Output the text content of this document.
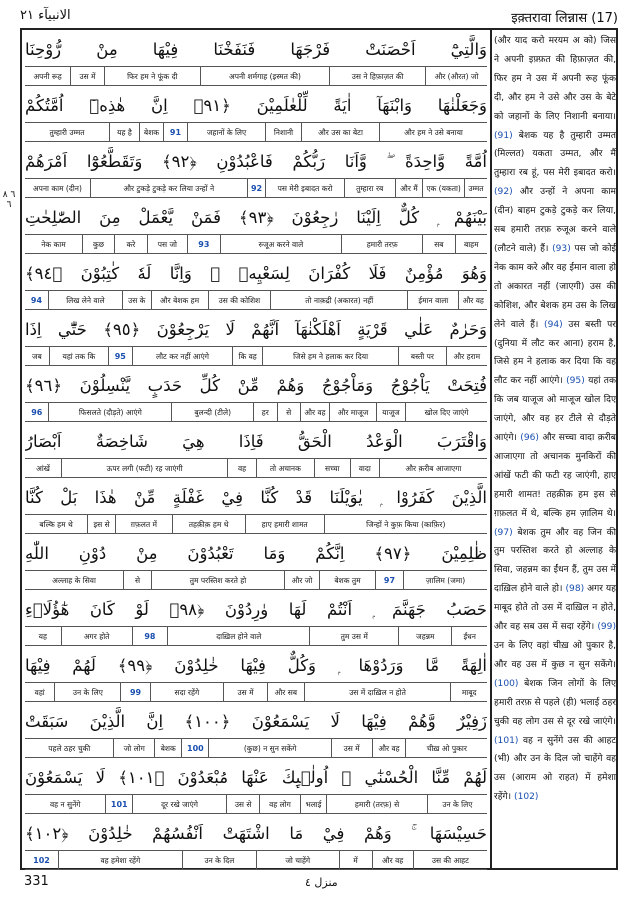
الانبيآء ٢١	इक़्तरावा लिन्नास (17)
٦ ٨ ٦
وَالَّتِيْٓ اَحْصَنَتْ فَرْجَهَا فَنَفَخْنَا فِيْهَا مِنْ رُّوْحِنَا
और (औरत) जो
उस ने हिफ़ाज़त की
अपनी शर्मगाह (इस्मत की)
फिर हम ने फूंक दी
उस में
अपनी रूह
وَجَعَلْنٰهَا وَابْنَهَآ اٰيَةً لِّلْعٰلَمِيْنَ ﴿٩١﴾ اِنَّ هٰذِهٖٓ اُمَّتُكُمْ
और हम ने उसे बनाया
और उस का बेटा
निशानी
जहानों के लिए
91
बेशक
यह है
तुम्हारी उम्मत
اُمَّةً وَّاحِدَةً ۖ وَّاَنَا رَبُّكُمْ فَاعْبُدُوْنِ ﴿٩٢﴾ وَتَقَطَّعُوْٓا اَمْرَهُمْ
उम्मत
एक (यकता)
और मैं
तुम्हारा रब
पस मेरी इबादत करो
92
और टुकड़े टुकड़े कर लिया उन्हों ने
अपना काम (दीन)
بَيْنَهُمْ ۭ كُلٌّ اِلَيْنَا رٰجِعُوْنَ ﴿٩٣﴾ فَمَنْ يَّعْمَلْ مِنَ الصّٰلِحٰتِ
बाहम
सब
हमारी तरफ़
रुजूअ करने वाले
93
पस जो
करे
कुछ
नेक काम
وَهُوَ مُؤْمِنٌ فَلَا كُفْرَانَ لِسَعْيِهٖ ۚ وَاِنَّا لَهٗ كٰتِبُوْنَ ﴿٩٤﴾
और वह
ईमान वाला
तो नाक़द्री (अकारत) नहीं
उस की कोशिश
और बेशक हम
उस के
लिख लेने वाले
94
وَحَرٰمٌ عَلٰي قَرْيَةٍ اَهْلَكْنٰهَآ اَنَّهُمْ لَا يَرْجِعُوْنَ ﴿٩٥﴾ حَتّٰٓي اِذَا
और हराम
बस्ती पर
जिसे हम ने हलाक कर दिया
कि वह
लौट कर नहीं आएंगे
95
यहां तक कि
जब
فُتِحَتْ يَاْجُوْجُ وَمَاْجُوْجُ وَهُمْ مِّنْ كُلِّ حَدَبٍ يَّنْسِلُوْنَ ﴿٩٦﴾
खोल दिए जाएंगे
याजूज
और माजूज
और वह
से
हर
बुलन्दी (टीले)
फिसलते (दौड़ते) आएंगे
96
وَاقْتَرَبَ الْوَعْدُ الْحَقُّ فَاِذَا هِيَ شَاخِصَةٌ اَبْصَارُ
और क़रीब आजाएगा
वादा
सच्चा
तो अचानक
वह
ऊपर लगी (फटी) रह जाएंगी
आंखें
الَّذِيْنَ كَفَرُوْا ۭ يٰوَيْلَنَا قَدْ كُنَّا فِيْ غَفْلَةٍ مِّنْ هٰذَا بَلْ كُنَّا
जिन्हों ने कुफ़ किया (काफ़िर)
हाए हमारी शामत
तहक़ीक़ हम थे
ग़फ़लत में
इस से
बल्कि हम थे
ظٰلِمِيْنَ ﴿٩٧﴾ اِنَّكُمْ وَمَا تَعْبُدُوْنَ مِنْ دُوْنِ اللّٰهِ
ज़ालिम (जमा)
97
बेशक तुम
और जो
तुम परस्तिश करते हो
से
अल्लाह के सिवा
حَصَبُ جَهَنَّمَ ۭ اَنْتُمْ لَهَا وٰرِدُوْنَ ﴿٩٨﴾ لَوْ كَانَ هٰٓؤُلَاۗءِ
ईंधन
जहन्नम
तुम उस में
दाख़िल होने वाले
98
अगर होते
यह
اٰلِهَةً مَّا وَرَدُوْهَا ۭ وَكُلٌّ فِيْهَا خٰلِدُوْنَ ﴿٩٩﴾ لَهُمْ فِيْهَا
माबूद
उस में दाख़िल न होते
और सब
उस में
सदा रहेंगे
99
उन के लिए
वहां
زَفِيْرٌ وَّهُمْ فِيْهَا لَا يَسْمَعُوْنَ ﴿١٠٠﴾ اِنَّ الَّذِيْنَ سَبَقَتْ
चीख़ ओ पुकार
और वह
उस में
(कुछ) न सुन सकेंगे
100
बेशक
जो लोग
पहले ठहर चुकी
لَهُمْ مِّنَّا الْحُسْنٰٓي ۙ اُولٰۗىِٕكَ عَنْهَا مُبْعَدُوْنَ ﴿١٠١﴾ لَا يَسْمَعُوْنَ
उन के लिए
हमारी (तरफ़) से
भलाई
वह लोग
उस से
दूर रखे जाएंगे
101
वह न सुनेंगे
حَسِيْسَهَا ۚ وَهُمْ فِيْ مَا اشْتَهَتْ اَنْفُسُهُمْ خٰلِدُوْنَ ﴿١٠٢﴾
उस की आहट
और वह
में
जो चाहेंगे
उन के दिल
वह हमेशा रहेंगे
102
(और याद करो मरयम अ को) जिस ने अपनी इफ़्फ़त की हिफ़ाज़त की, फिर हम ने उस में अपनी रूह फूंक दी, और हम ने उसे और उस के बेटे को जहानों के लिए निशानी बनाया। (91) बेशक यह है तुम्हारी उम्मत (मिल्लत) यकता उम्मत, और मैं तुम्हारा रब हूं, पस मेरी इबादत करो। (92) और उन्हों ने अपना काम (दीन) बाहम टुकड़े टुकड़े कर लिया, सब हमारी तरफ़ रुजूअ करने वाले (लौटने वाले) हैं। (93) पस जो कोई नेक काम करे और वह ईमान वाला हो तो अकारत नहीं (जाएगी) उस की कोशिश, और बेशक हम उस के लिख लेने वाले हैं। (94) उस बस्ती पर (दुनिया में लौट कर आना) हराम है, जिसे हम ने हलाक कर दिया कि वह लौट कर नहीं आएंगे। (95) यहां तक कि जब याजूज ओ माजूज खोल दिए जाएंगे, और वह हर टीले से दौड़ते आएंगे। (96) और सच्चा वादा क़रीब आजाएगा तो अचानक मुनकिरों की आंखें फटी की फटी रह जाएंगी, हाए हमारी शामत! तहक़ीक़ हम इस से ग़फ़लत में थे, बल्कि हम ज़ालिम थे। (97) बेशक तुम और वह जिन की तुम परस्तिश करते हो अल्लाह के सिवा, जहन्नम का ईंधन हैं, तुम उस में दाख़िल होने वाले हो। (98) अगर यह माबूद होते तो उस में दाख़िल न होते, और वह सब उस में सदा रहेंगे। (99) उन के लिए वहां चीख़ ओ पुकार है, और वह उस में कुछ न सुन सकेंगे। (100) बेशक जिन लोगों के लिए हमारी तरफ़ से पहले (ही) भलाई ठहर चुकी वह लोग उस से दूर रखे जाएंगे। (101) वह न सुनेंगे उस की आहट (भी) और उन के दिल जो चाहेंगे वह उस (आराम ओ राहत) में हमेशा रहेंगे। (102)
331	منزل ٤
